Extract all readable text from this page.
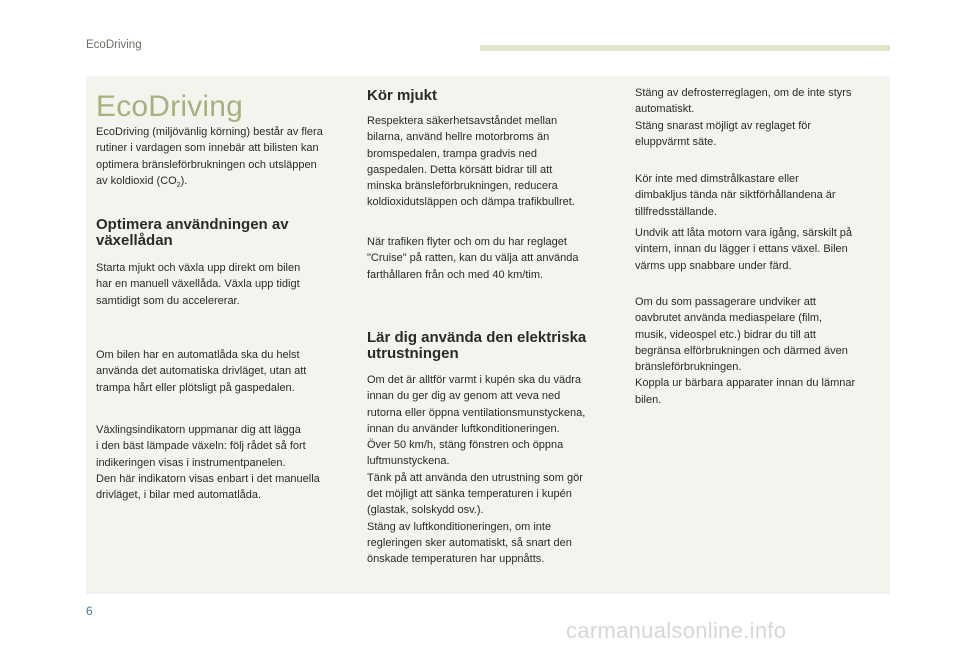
EcoDriving
EcoDriving

EcoDriving (miljövänlig körning) består av flera
rutiner i vardagen som innebär att bilisten kan
optimera bränsleförbrukningen och utsläppen
av koldioxid $(CO_2)$.

Optimera användningen av
växellådan

Starta mjukt och växla upp direkt om bilen
har en manuell växellåda. Växla upp tidigt
samtidigt som du accelererar.

Om bilen har en automatlåda ska du helst
använda det automatiska drivläget, utan att
trampa hårt eller plötsligt på gaspedalen.

Växlingsindikatorn uppmanar dig att lägga
i den bäst lämpade växeln: följ rådet så fort
indikeringen visas i instrumentpanelen.
Den här indikatorn visas enbart i det manuella
drivläget, i bilar med automatlåda.

Kör mjukt

Respektera säkerhetsavståndet mellan
bilarna, använd hellre motorbroms än
bromspedalen, trampa gradvis ned
gaspedalen. Detta körsätt bidrar till att
minska bränsleförbrukningen, reducera
koldioxidutsläppen och dämpa trafikbullret.

När trafiken flyter och om du har reglaget
"Cruise" på ratten, kan du välja att använda
farthållaren från och med 40 km/tim.

Lär dig använda den elektriska
utrustningen

Om det är alltför varmt i kupén ska du vädra
innan du ger dig av genom att veva ned
rutorna eller öppna ventilationsmunstyckena,
innan du använder luftkonditioneringen.
Över 50 km/h, stäng fönstren och öppna
luftmunstyckena.
Tänk på att använda den utrustning som gör
det möjligt att sänka temperaturen i kupén
(glastak, solskydd osv.).
Stäng av luftkonditioneringen, om inte
regleringen sker automatiskt, så snart den
önskade temperaturen har uppnåtts.

Stäng av defrosterreglagen, om de inte styrs
automatiskt.
Stäng snarast möjligt av reglaget för
eluppvärmt säte.

Kör inte med dimstrålkastare eller
dimbakljus tända när siktförhållandena är
tillfredsställande.

Undvik att låta motorn vara igång, särskilt på
vintern, innan du lägger i ettans växel. Bilen
värms upp snabbare under färd.

Om du som passagerare undviker att
oavbrutet använda mediaspelare (film,
musik, videospel etc.) bidrar du till att
begränsa elförbrukningen och därmed även
bränsleförbrukningen.
Koppla ur bärbara apparater innan du lämnar
bilen.

6
carmanualsonline.info
